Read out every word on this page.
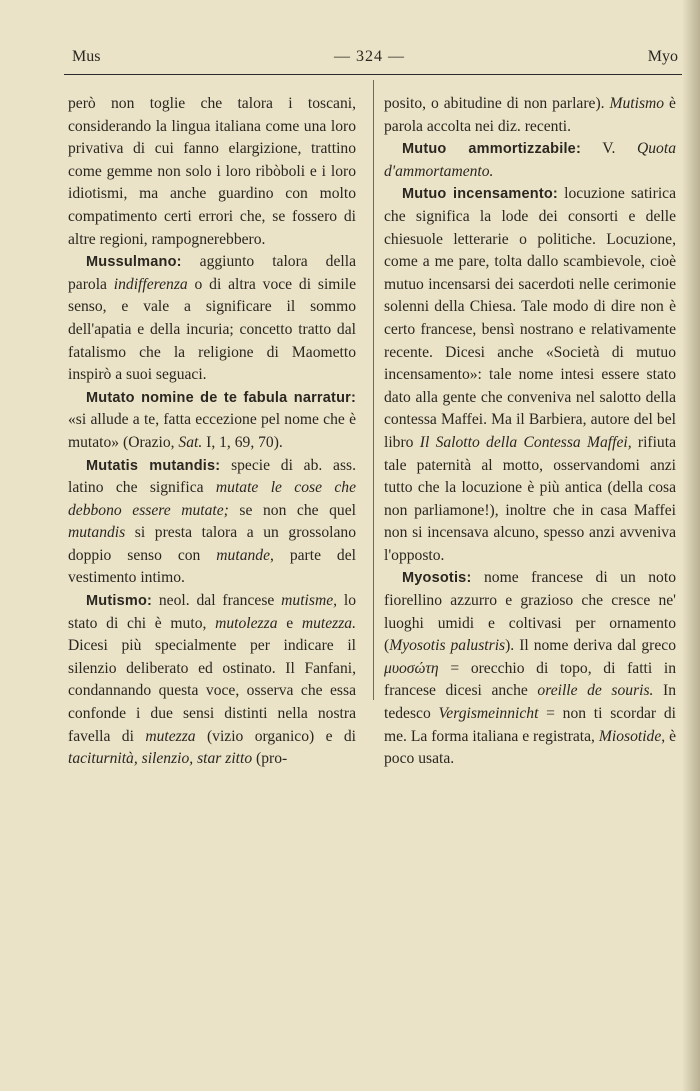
Mus	— 324 —	Myo

però non toglie che talora i toscani, considerando la lingua italiana come una loro privativa di cui fanno elargizione, trattino come gemme non solo i loro ribòboli e i loro idiotismi, ma anche guardino con molto compatimento certi errori che, se fossero di altre regioni, rampognerebbero.

Mussulmano: aggiunto talora della parola indifferenza o di altra voce di simile senso, e vale a significare il sommo dell'apatia e della incuria; concetto tratto dal fatalismo che la religione di Maometto inspirò a suoi seguaci.

Mutato nomine de te fabula narratur: «si allude a te, fatta eccezione pel nome che è mutato» (Orazio, Sat. I, 1, 69, 70).

Mutatis mutandis: specie di ab. ass. latino che significa mutate le cose che debbono essere mutate; se non che quel mutandis si presta talora a un grossolano doppio senso con mutande, parte del vestimento intimo.

Mutismo: neol. dal francese mutisme, lo stato di chi è muto, mutolezza e mutezza. Dicesi più specialmente per indicare il silenzio deliberato ed ostinato. Il Fanfani, condannando questa voce, osserva che essa confonde i due sensi distinti nella nostra favella di mutezza (vizio organico) e di taciturnità, silenzio, star zitto (pro-

posito, o abitudine di non parlare). Mutismo è parola accolta nei diz. recenti.

Mutuo ammortizzabile: V. Quota d'ammortamento.

Mutuo incensamento: locuzione satirica che significa la lode dei consorti e delle chiesuole letterarie o politiche. Locuzione, come a me pare, tolta dallo scambievole, cioè mutuo incensarsi dei sacerdoti nelle cerimonie solenni della Chiesa. Tale modo di dire non è certo francese, bensì nostrano e relativamente recente. Dicesi anche «Società di mutuo incensamento»: tale nome intesi essere stato dato alla gente che conveniva nel salotto della contessa Maffei. Ma il Barbiera, autore del bel libro Il Salotto della Contessa Maffei, rifiuta tale paternità al motto, osservandomi anzi tutto che la locuzione è più antica (della cosa non parliamone!), inoltre che in casa Maffei non si incensava alcuno, spesso anzi avveniva l'opposto.

Myosotis: nome francese di un noto fiorellino azzurro e grazioso che cresce ne' luoghi umidi e coltivasi per ornamento (Myosotis palustris). Il nome deriva dal greco μυοσώτη = orecchio di topo, di fatti in francese dicesi anche oreille de souris. In tedesco Vergismeinnicht = non ti scordar di me. La forma italiana e registrata, Miosotide, è poco usata.
